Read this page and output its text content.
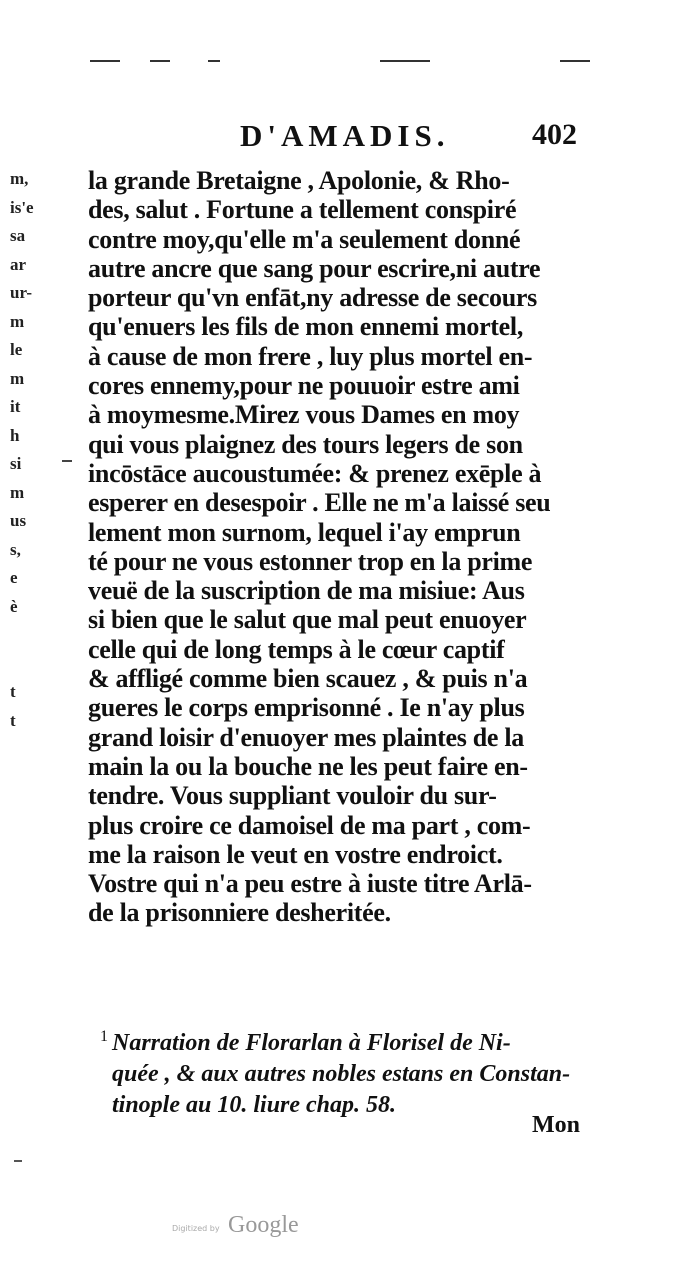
D'AMADIS.	402
m,
is'e
sa
ar
ur-
m
le
m
it
h
si
m
us
s,
e
è
t
t
la grande Bretaigne , Apolonie, & Rho-
des, salut . Fortune a tellement conspiré
contre moy,qu'elle m'a seulement donné
autre ancre que sang pour escrire,ni autre
porteur qu'vn enfāt,ny adresse de secours
qu'enuers les fils de mon ennemi mortel,
à cause de mon frere , luy plus mortel en-
cores ennemy,pour ne pouuoir estre ami
à moymesme.Mirez vous Dames en moy
qui vous plaignez des tours legers de son
incōstāce aucoustumée: & prenez exēple à
esperer en desespoir . Elle ne m'a laissé seu
lement mon surnom, lequel i'ay emprun
té pour ne vous estonner trop en la prime
veuë de la suscription de ma misiue: Aus
si bien que le salut que mal peut enuoyer
celle qui de long temps à le cœur captif
& affligé comme bien scauez , & puis n'a
gueres le corps emprisonné . Ie n'ay plus
grand loisir d'enuoyer mes plaintes de la
main la ou la bouche ne les peut faire en-
tendre. Vous suppliant vouloir du sur-
plus croire ce damoisel de ma part , com-
me la raison le veut en vostre endroict.
Vostre qui n'a peu estre à iuste titre Arlā-
de la prisonniere desheritée.
1 Narration de Florarlan à Florisel de Ni-
quée , & aux autres nobles estans en Constan-
tinople au 10. liure chap. 58.
Mon
Digitized by Google
